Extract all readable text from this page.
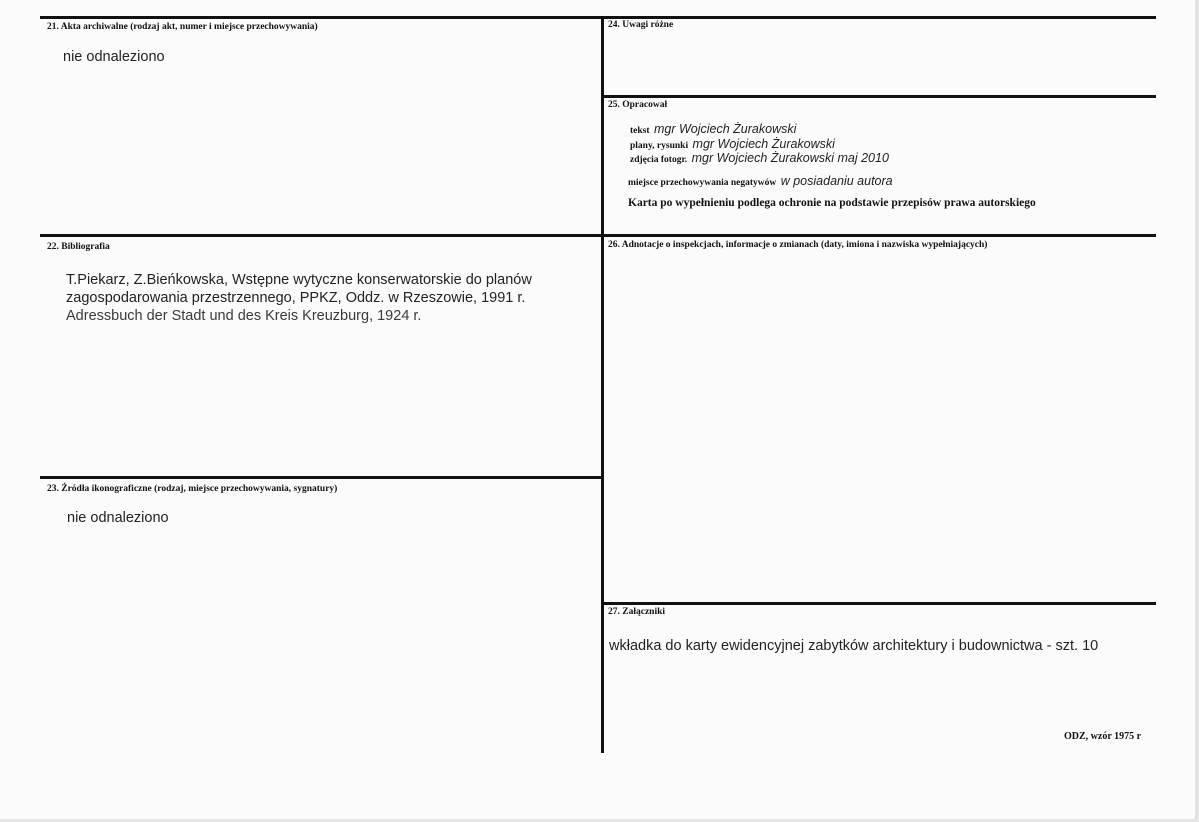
21. Akta archiwalne (rodzaj akt, numer i miejsce przechowywania)
nie odnaleziono
24. Uwagi różne
25. Opracował
tekst mgr Wojciech Żurakowski
plany, rysunki mgr Wojciech Żurakowski
zdjęcia fotogr. mgr Wojciech Żurakowski maj 2010
miejsce przechowywania negatywów w posiadaniu autora
Karta po wypełnieniu podlega ochronie na podstawie przepisów prawa autorskiego
22. Bibliografia
T.Piekarz, Z.Bieńkowska, Wstępne wytyczne konserwatorskie do planów
zagospodarowania przestrzennego, PPKZ, Oddz. w Rzeszowie, 1991 r.
Adressbuch der Stadt und des Kreis Kreuzburg, 1924 r.
26. Adnotacje o inspekcjach, informacje o zmianach (daty, imiona i nazwiska wypełniających)
23. Źródła ikonograficzne (rodzaj, miejsce przechowywania, sygnatury)
nie odnaleziono
27. Załączniki
wkładka do karty ewidencyjnej zabytków architektury i budownictwa - szt. 10
ODZ, wzór 1975 r
